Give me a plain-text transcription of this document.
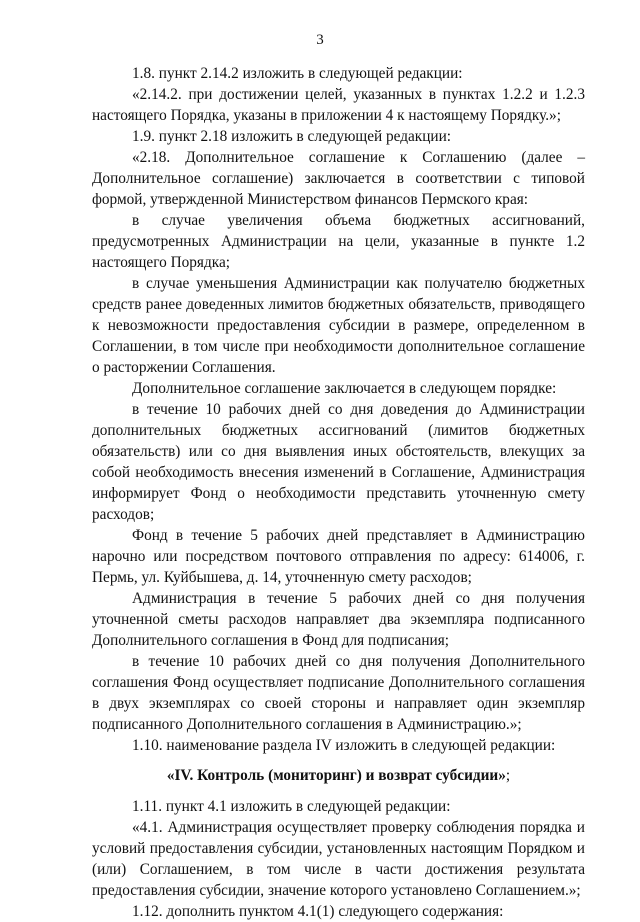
3

1.8. пункт 2.14.2 изложить в следующей редакции:

«2.14.2. при достижении целей, указанных в пунктах 1.2.2 и 1.2.3 настоящего Порядка, указаны в приложении 4 к настоящему Порядку.»;

1.9. пункт 2.18 изложить в следующей редакции:

«2.18. Дополнительное соглашение к Соглашению (далее – Дополнительное соглашение) заключается в соответствии с типовой формой, утвержденной Министерством финансов Пермского края:

в случае увеличения объема бюджетных ассигнований, предусмотренных Администрации на цели, указанные в пункте 1.2 настоящего Порядка;

в случае уменьшения Администрации как получателю бюджетных средств ранее доведенных лимитов бюджетных обязательств, приводящего к невозможности предоставления субсидии в размере, определенном в Соглашении, в том числе при необходимости дополнительное соглашение о расторжении Соглашения.

Дополнительное соглашение заключается в следующем порядке:

в течение 10 рабочих дней со дня доведения до Администрации дополнительных бюджетных ассигнований (лимитов бюджетных обязательств) или со дня выявления иных обстоятельств, влекущих за собой необходимость внесения изменений в Соглашение, Администрация информирует Фонд о необходимости представить уточненную смету расходов;

Фонд в течение 5 рабочих дней представляет в Администрацию нарочно или посредством почтового отправления по адресу: 614006, г. Пермь, ул. Куйбышева, д. 14, уточненную смету расходов;

Администрация в течение 5 рабочих дней со дня получения уточненной сметы расходов направляет два экземпляра подписанного Дополнительного соглашения в Фонд для подписания;

в течение 10 рабочих дней со дня получения Дополнительного соглашения Фонд осуществляет подписание Дополнительного соглашения в двух экземплярах со своей стороны и направляет один экземпляр подписанного Дополнительного соглашения в Администрацию.»;

1.10. наименование раздела IV изложить в следующей редакции:

«IV. Контроль (мониторинг) и возврат субсидии»;

1.11. пункт 4.1 изложить в следующей редакции:

«4.1. Администрация осуществляет проверку соблюдения порядка и условий предоставления субсидии, установленных настоящим Порядком и (или) Соглашением, в том числе в части достижения результата предоставления субсидии, значение которого установлено Соглашением.»;

1.12. дополнить пунктом 4.1(1) следующего содержания:
